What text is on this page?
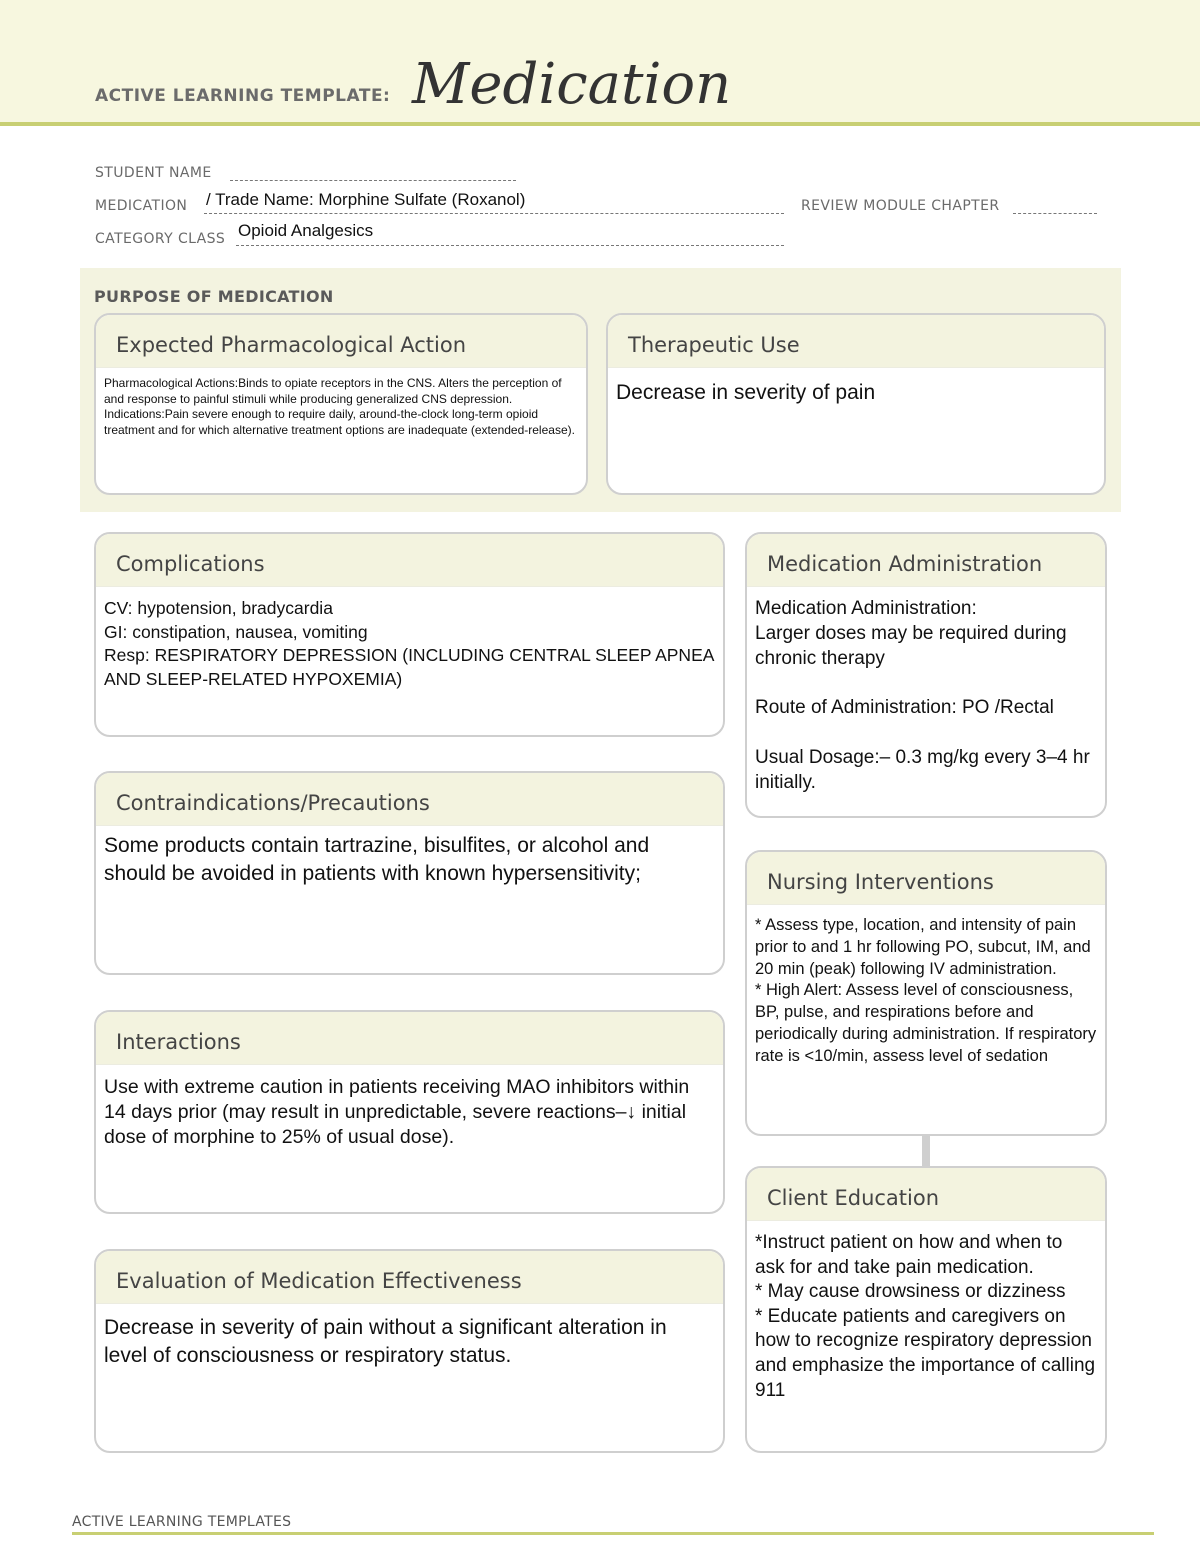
ACTIVE LEARNING TEMPLATE: Medication
STUDENT NAME
MEDICATION / Trade Name: Morphine Sulfate (Roxanol)	REVIEW MODULE CHAPTER
CATEGORY CLASS Opioid Analgesics
PURPOSE OF MEDICATION
Expected Pharmacological Action
Pharmacological Actions:Binds to opiate receptors in the CNS. Alters the perception of and response to painful stimuli while producing generalized CNS depression.
Indications:Pain severe enough to require daily, around-the-clock long-term opioid treatment and for which alternative treatment options are inadequate (extended-release).
Therapeutic Use
Decrease in severity of pain
Complications
CV: hypotension, bradycardia
GI: constipation, nausea, vomiting
Resp: RESPIRATORY DEPRESSION (INCLUDING CENTRAL SLEEP APNEA AND SLEEP-RELATED HYPOXEMIA)
Contraindications/Precautions
Some products contain tartrazine, bisulfites, or alcohol and should be avoided in patients with known hypersensitivity;
Interactions
Use with extreme caution in patients receiving MAO inhibitors within 14 days prior (may result in unpredictable, severe reactions–↓ initial dose of morphine to 25% of usual dose).
Evaluation of Medication Effectiveness
Decrease in severity of pain without a significant alteration in level of consciousness or respiratory status.
Medication Administration
Medication Administration:
Larger doses may be required during chronic therapy

Route of Administration: PO /Rectal

Usual Dosage:– 0.3 mg/kg every 3–4 hr initially.
Nursing Interventions
* Assess type, location, and intensity of pain prior to and 1 hr following PO, subcut, IM, and 20 min (peak) following IV administration.
* High Alert: Assess level of consciousness, BP, pulse, and respirations before and periodically during administration. If respiratory rate is <10/min, assess level of sedation
Client Education
*Instruct patient on how and when to ask for and take pain medication.
* May cause drowsiness or dizziness
* Educate patients and caregivers on how to recognize respiratory depression and emphasize the importance of calling 911
ACTIVE LEARNING TEMPLATES
